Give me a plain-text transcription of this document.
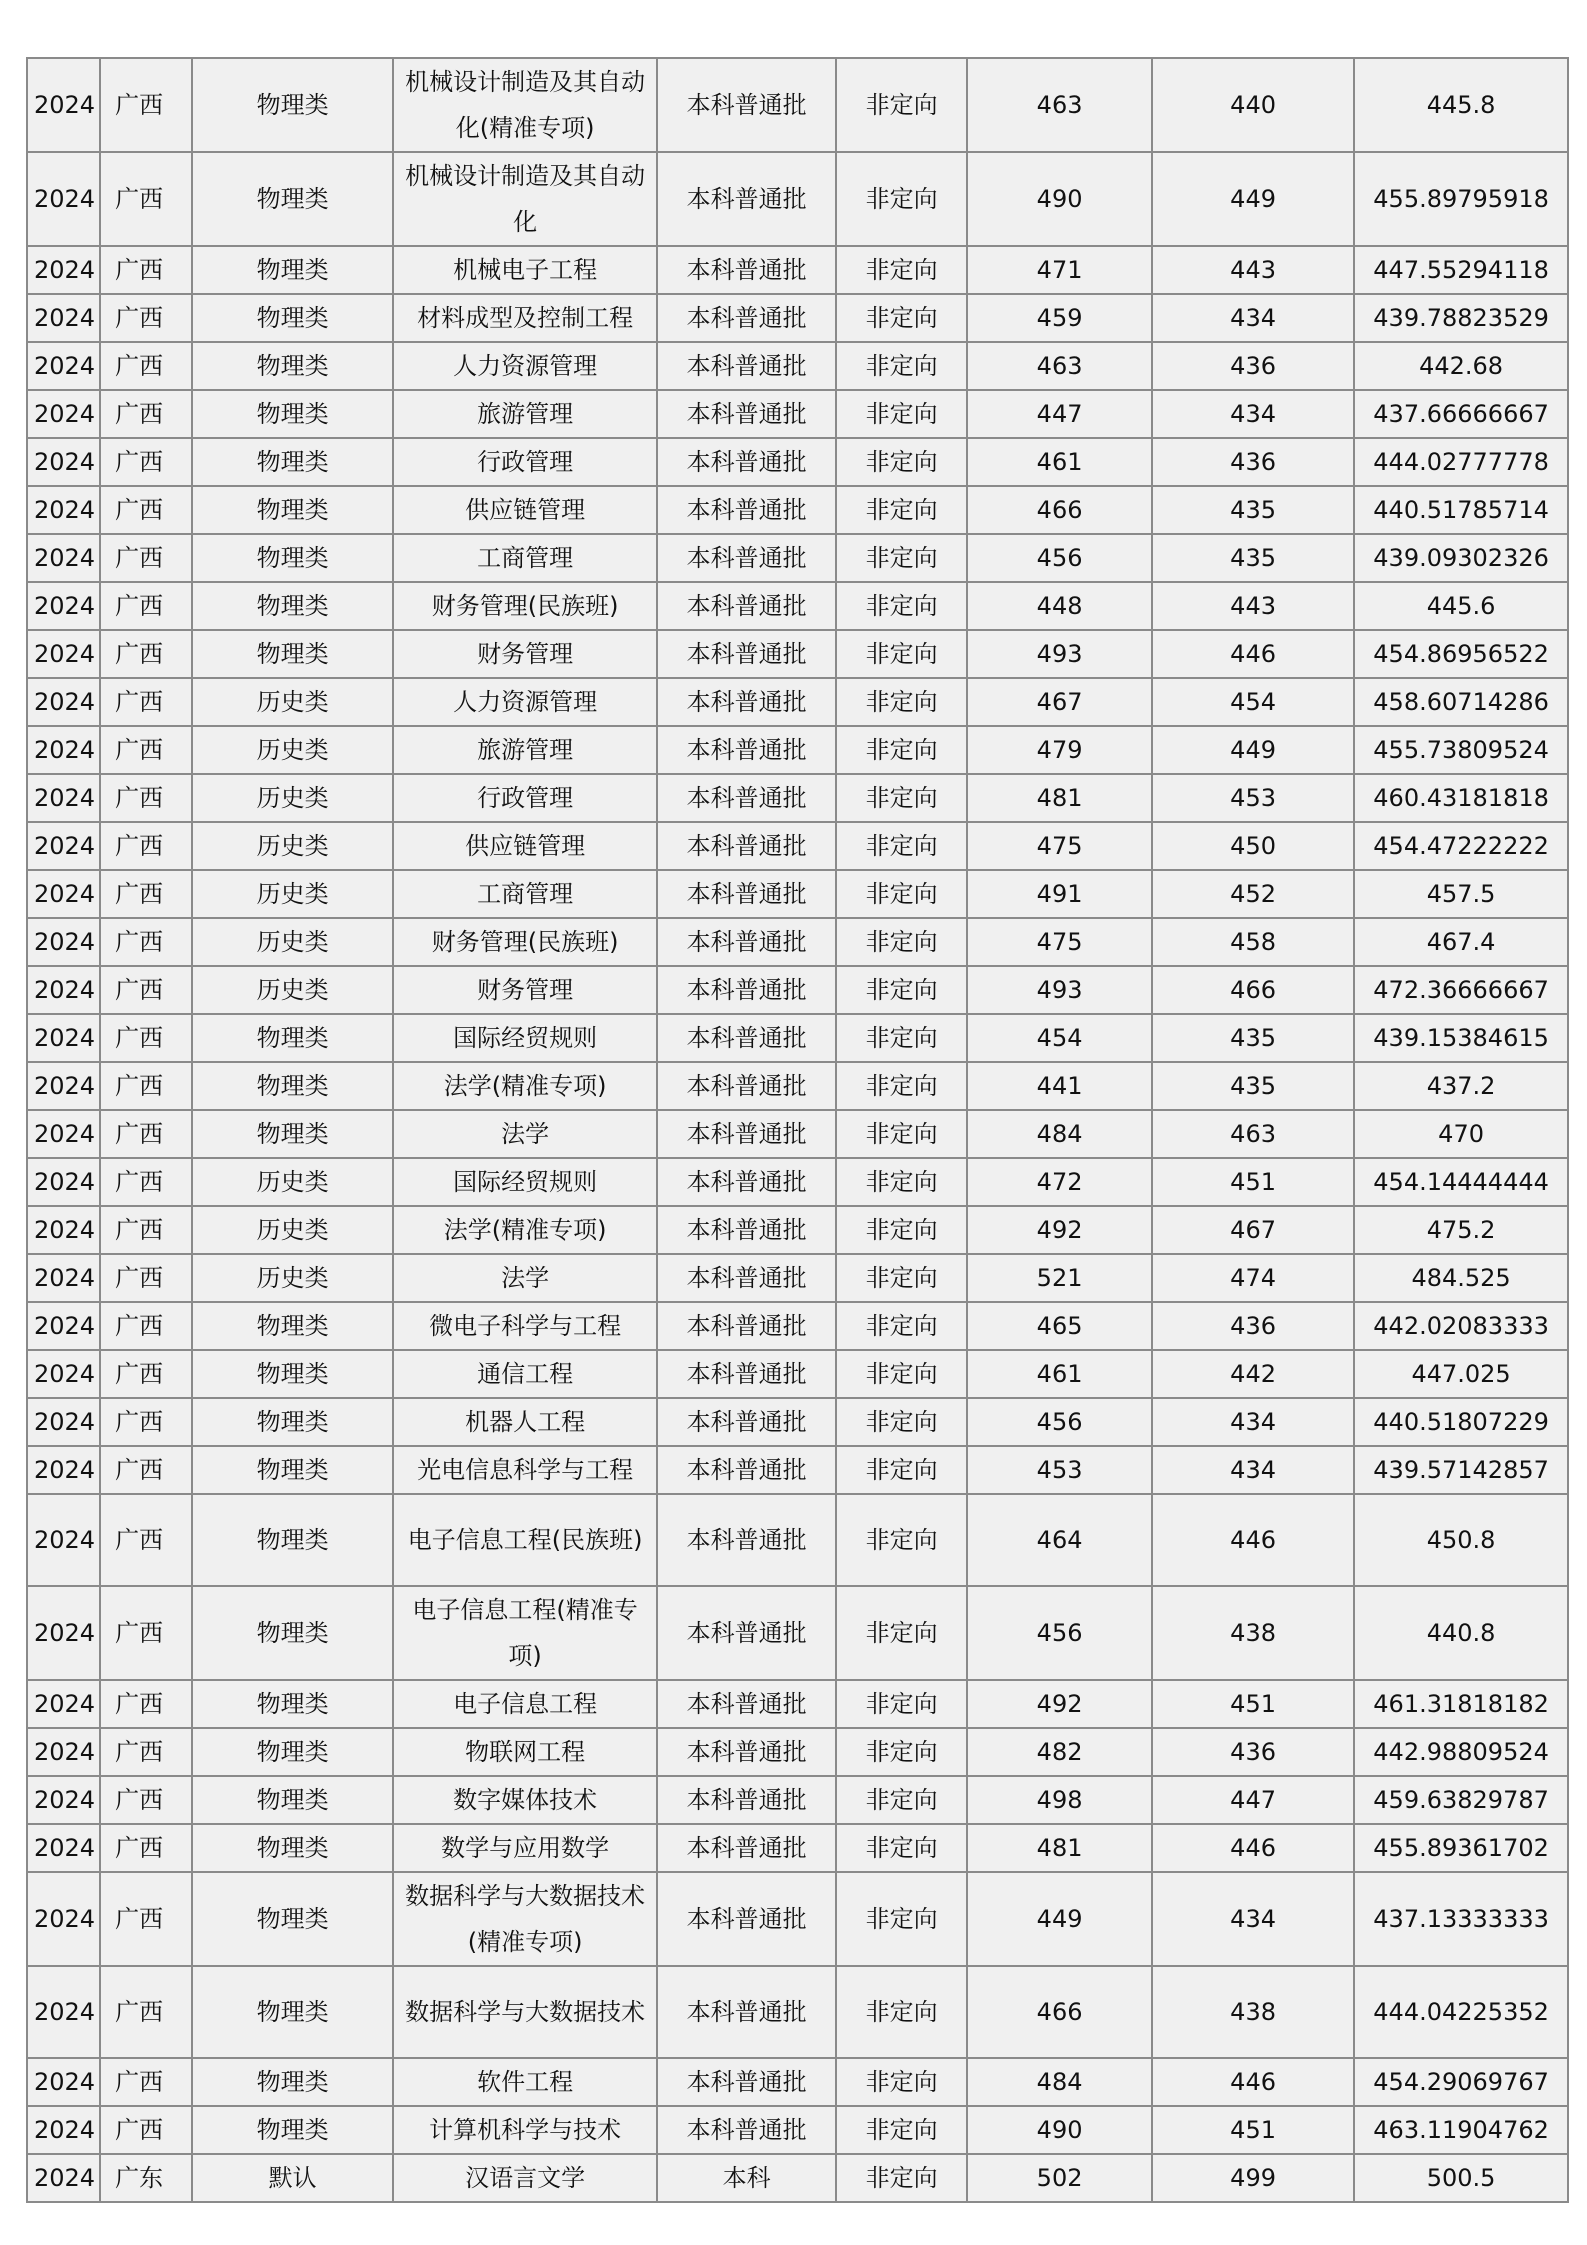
2024	广西	物理类	机械设计制造及其自动化(精准专项)	本科普通批	非定向	463	440	445.8
2024	广西	物理类	机械设计制造及其自动化	本科普通批	非定向	490	449	455.89795918
2024	广西	物理类	机械电子工程	本科普通批	非定向	471	443	447.55294118
2024	广西	物理类	材料成型及控制工程	本科普通批	非定向	459	434	439.78823529
2024	广西	物理类	人力资源管理	本科普通批	非定向	463	436	442.68
2024	广西	物理类	旅游管理	本科普通批	非定向	447	434	437.66666667
2024	广西	物理类	行政管理	本科普通批	非定向	461	436	444.02777778
2024	广西	物理类	供应链管理	本科普通批	非定向	466	435	440.51785714
2024	广西	物理类	工商管理	本科普通批	非定向	456	435	439.09302326
2024	广西	物理类	财务管理(民族班)	本科普通批	非定向	448	443	445.6
2024	广西	物理类	财务管理	本科普通批	非定向	493	446	454.86956522
2024	广西	历史类	人力资源管理	本科普通批	非定向	467	454	458.60714286
2024	广西	历史类	旅游管理	本科普通批	非定向	479	449	455.73809524
2024	广西	历史类	行政管理	本科普通批	非定向	481	453	460.43181818
2024	广西	历史类	供应链管理	本科普通批	非定向	475	450	454.47222222
2024	广西	历史类	工商管理	本科普通批	非定向	491	452	457.5
2024	广西	历史类	财务管理(民族班)	本科普通批	非定向	475	458	467.4
2024	广西	历史类	财务管理	本科普通批	非定向	493	466	472.36666667
2024	广西	物理类	国际经贸规则	本科普通批	非定向	454	435	439.15384615
2024	广西	物理类	法学(精准专项)	本科普通批	非定向	441	435	437.2
2024	广西	物理类	法学	本科普通批	非定向	484	463	470
2024	广西	历史类	国际经贸规则	本科普通批	非定向	472	451	454.14444444
2024	广西	历史类	法学(精准专项)	本科普通批	非定向	492	467	475.2
2024	广西	历史类	法学	本科普通批	非定向	521	474	484.525
2024	广西	物理类	微电子科学与工程	本科普通批	非定向	465	436	442.02083333
2024	广西	物理类	通信工程	本科普通批	非定向	461	442	447.025
2024	广西	物理类	机器人工程	本科普通批	非定向	456	434	440.51807229
2024	广西	物理类	光电信息科学与工程	本科普通批	非定向	453	434	439.57142857
2024	广西	物理类	电子信息工程(民族班)	本科普通批	非定向	464	446	450.8
2024	广西	物理类	电子信息工程(精准专项)	本科普通批	非定向	456	438	440.8
2024	广西	物理类	电子信息工程	本科普通批	非定向	492	451	461.31818182
2024	广西	物理类	物联网工程	本科普通批	非定向	482	436	442.98809524
2024	广西	物理类	数字媒体技术	本科普通批	非定向	498	447	459.63829787
2024	广西	物理类	数学与应用数学	本科普通批	非定向	481	446	455.89361702
2024	广西	物理类	数据科学与大数据技术(精准专项)	本科普通批	非定向	449	434	437.13333333
2024	广西	物理类	数据科学与大数据技术	本科普通批	非定向	466	438	444.04225352
2024	广西	物理类	软件工程	本科普通批	非定向	484	446	454.29069767
2024	广西	物理类	计算机科学与技术	本科普通批	非定向	490	451	463.11904762
2024	广东	默认	汉语言文学	本科	非定向	502	499	500.5
